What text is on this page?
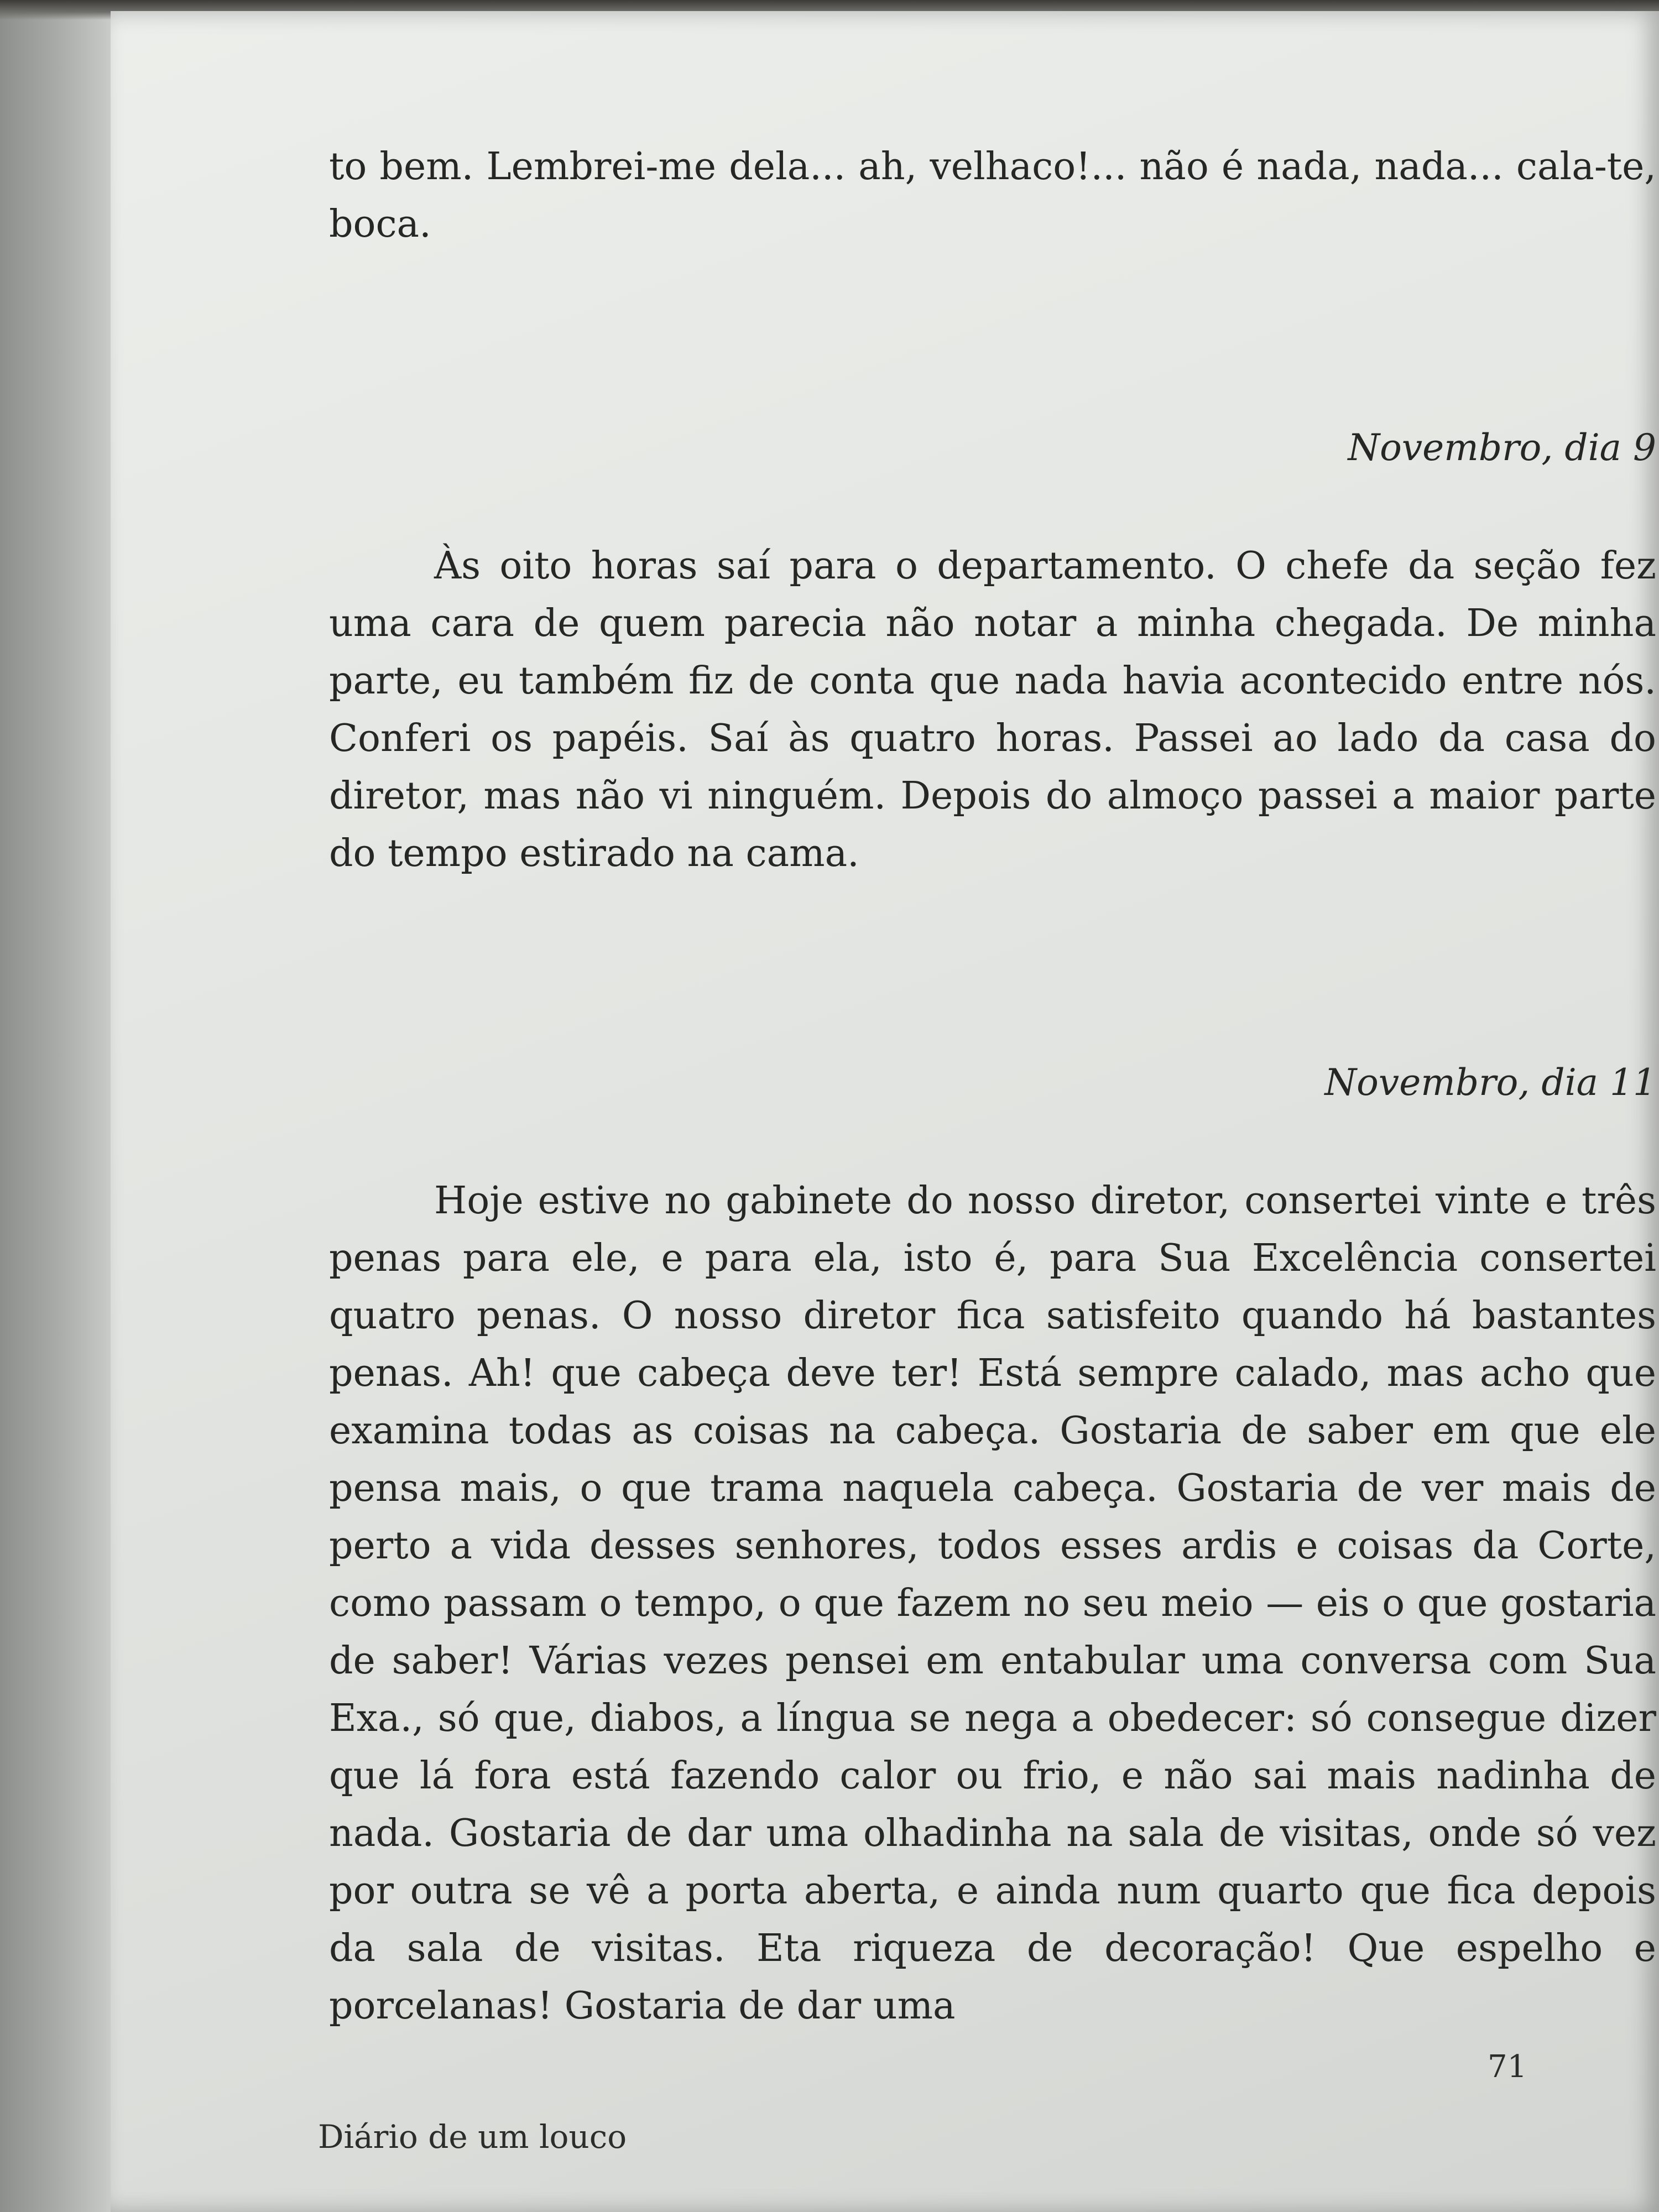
to bem. Lembrei-me dela... ah, velhaco!... não é nada, nada... cala-te, boca.

Novembro, dia 9

Às oito horas saí para o departamento. O chefe da seção fez uma cara de quem parecia não notar a minha chegada. De minha parte, eu também fiz de conta que nada havia acontecido entre nós. Conferi os papéis. Saí às quatro horas. Passei ao lado da casa do diretor, mas não vi ninguém. Depois do almoço passei a maior parte do tempo estirado na cama.

Novembro, dia 11

Hoje estive no gabinete do nosso diretor, consertei vinte e três penas para ele, e para ela, isto é, para Sua Excelência consertei quatro penas. O nosso diretor fica satisfeito quando há bastantes penas. Ah! que cabeça deve ter! Está sempre calado, mas acho que examina todas as coisas na cabeça. Gostaria de saber em que ele pensa mais, o que trama naquela cabeça. Gostaria de ver mais de perto a vida desses senhores, todos esses ardis e coisas da Corte, como passam o tempo, o que fazem no seu meio — eis o que gostaria de saber! Várias vezes pensei em entabular uma conversa com Sua Exa., só que, diabos, a língua se nega a obedecer: só consegue dizer que lá fora está fazendo calor ou frio, e não sai mais nadinha de nada. Gostaria de dar uma olhadinha na sala de visitas, onde só vez por outra se vê a porta aberta, e ainda num quarto que fica depois da sala de visitas. Eta riqueza de decoração! Que espelho e porcelanas! Gostaria de dar uma

71
Diário de um louco
